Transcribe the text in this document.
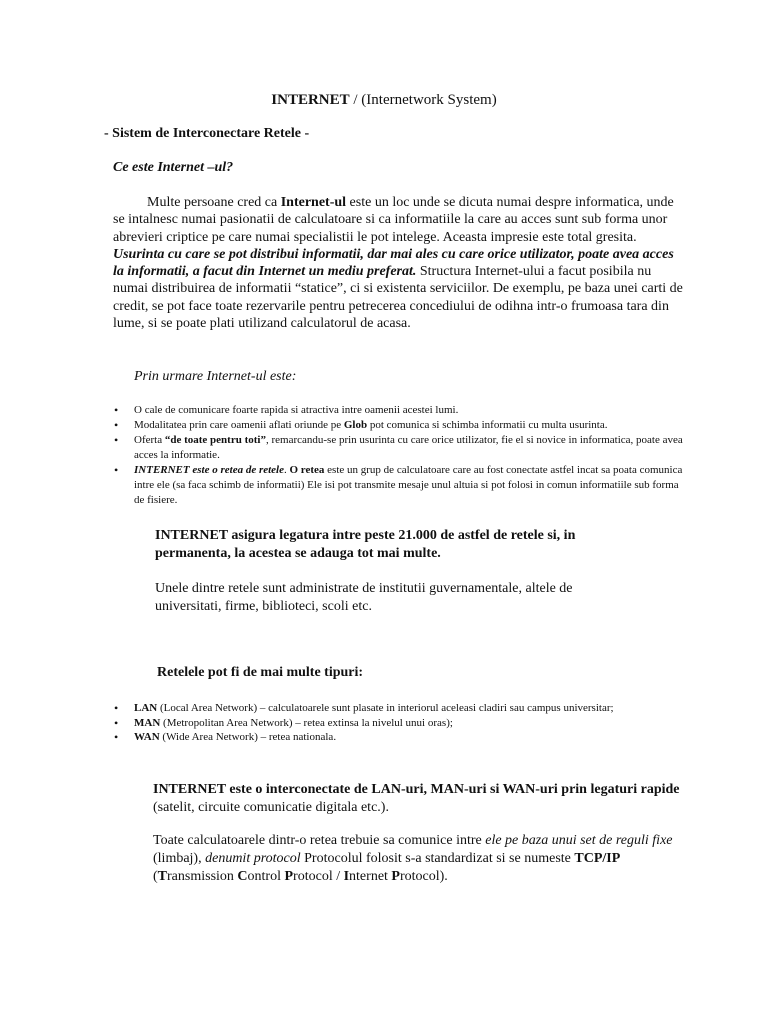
INTERNET / (Internetwork System)

- Sistem de Interconectare Retele -

Ce este Internet –ul?

Multe persoane cred ca Internet-ul este un loc unde se dicuta numai despre informatica, unde se intalnesc numai pasionatii de calculatoare si ca informatiile la care au acces sunt sub forma unor abrevieri criptice pe care numai specialistii le pot intelege. Aceasta impresie este total gresita. Usurinta cu care se pot distribui informatii, dar mai ales cu care orice utilizator, poate avea acces la informatii, a facut din Internet un mediu preferat. Structura Internet-ului a facut posibila nu numai distribuirea de informatii “statice”, ci si existenta serviciilor. De exemplu, pe baza unei carti de credit, se pot face toate rezervarile pentru petrecerea concediului de odihna intr-o frumoasa tara din lume, si se poate plati utilizand calculatorul de acasa.

Prin urmare Internet-ul este:

• O cale de comunicare foarte rapida si atractiva intre oamenii acestei lumi.
• Modalitatea prin care oamenii aflati oriunde pe Glob pot comunica si schimba informatii cu multa usurinta.
• Oferta “de toate pentru toti”, remarcandu-se prin usurinta cu care orice utilizator, fie el si novice in informatica, poate avea acces la informatie.
• INTERNET este o retea de retele. O retea este un grup de calculatoare care au fost conectate astfel incat sa poata comunica intre ele (sa faca schimb de informatii) Ele isi pot transmite mesaje unul altuia si pot folosi in comun informatiile sub forma de fisiere.

INTERNET asigura legatura intre peste 21.000 de astfel de retele si, in permanenta, la acestea se adauga tot mai multe.

Unele dintre retele sunt administrate de institutii guvernamentale, altele de universitati, firme, biblioteci, scoli etc.

Retelele pot fi de mai multe tipuri:

• LAN (Local Area Network) – calculatoarele sunt plasate in interiorul aceleasi cladiri sau campus universitar;
• MAN (Metropolitan Area Network) – retea extinsa la nivelul unui oras);
• WAN (Wide Area Network) – retea nationala.

INTERNET este o interconectate de LAN-uri, MAN-uri si WAN-uri prin legaturi rapide (satelit, circuite comunicatie digitala etc.).

Toate calculatoarele dintr-o retea trebuie sa comunice intre ele pe baza unui set de reguli fixe (limbaj), denumit protocol Protocolul folosit s-a standardizat si se numeste TCP/IP (Transmission Control Protocol / Internet Protocol).
